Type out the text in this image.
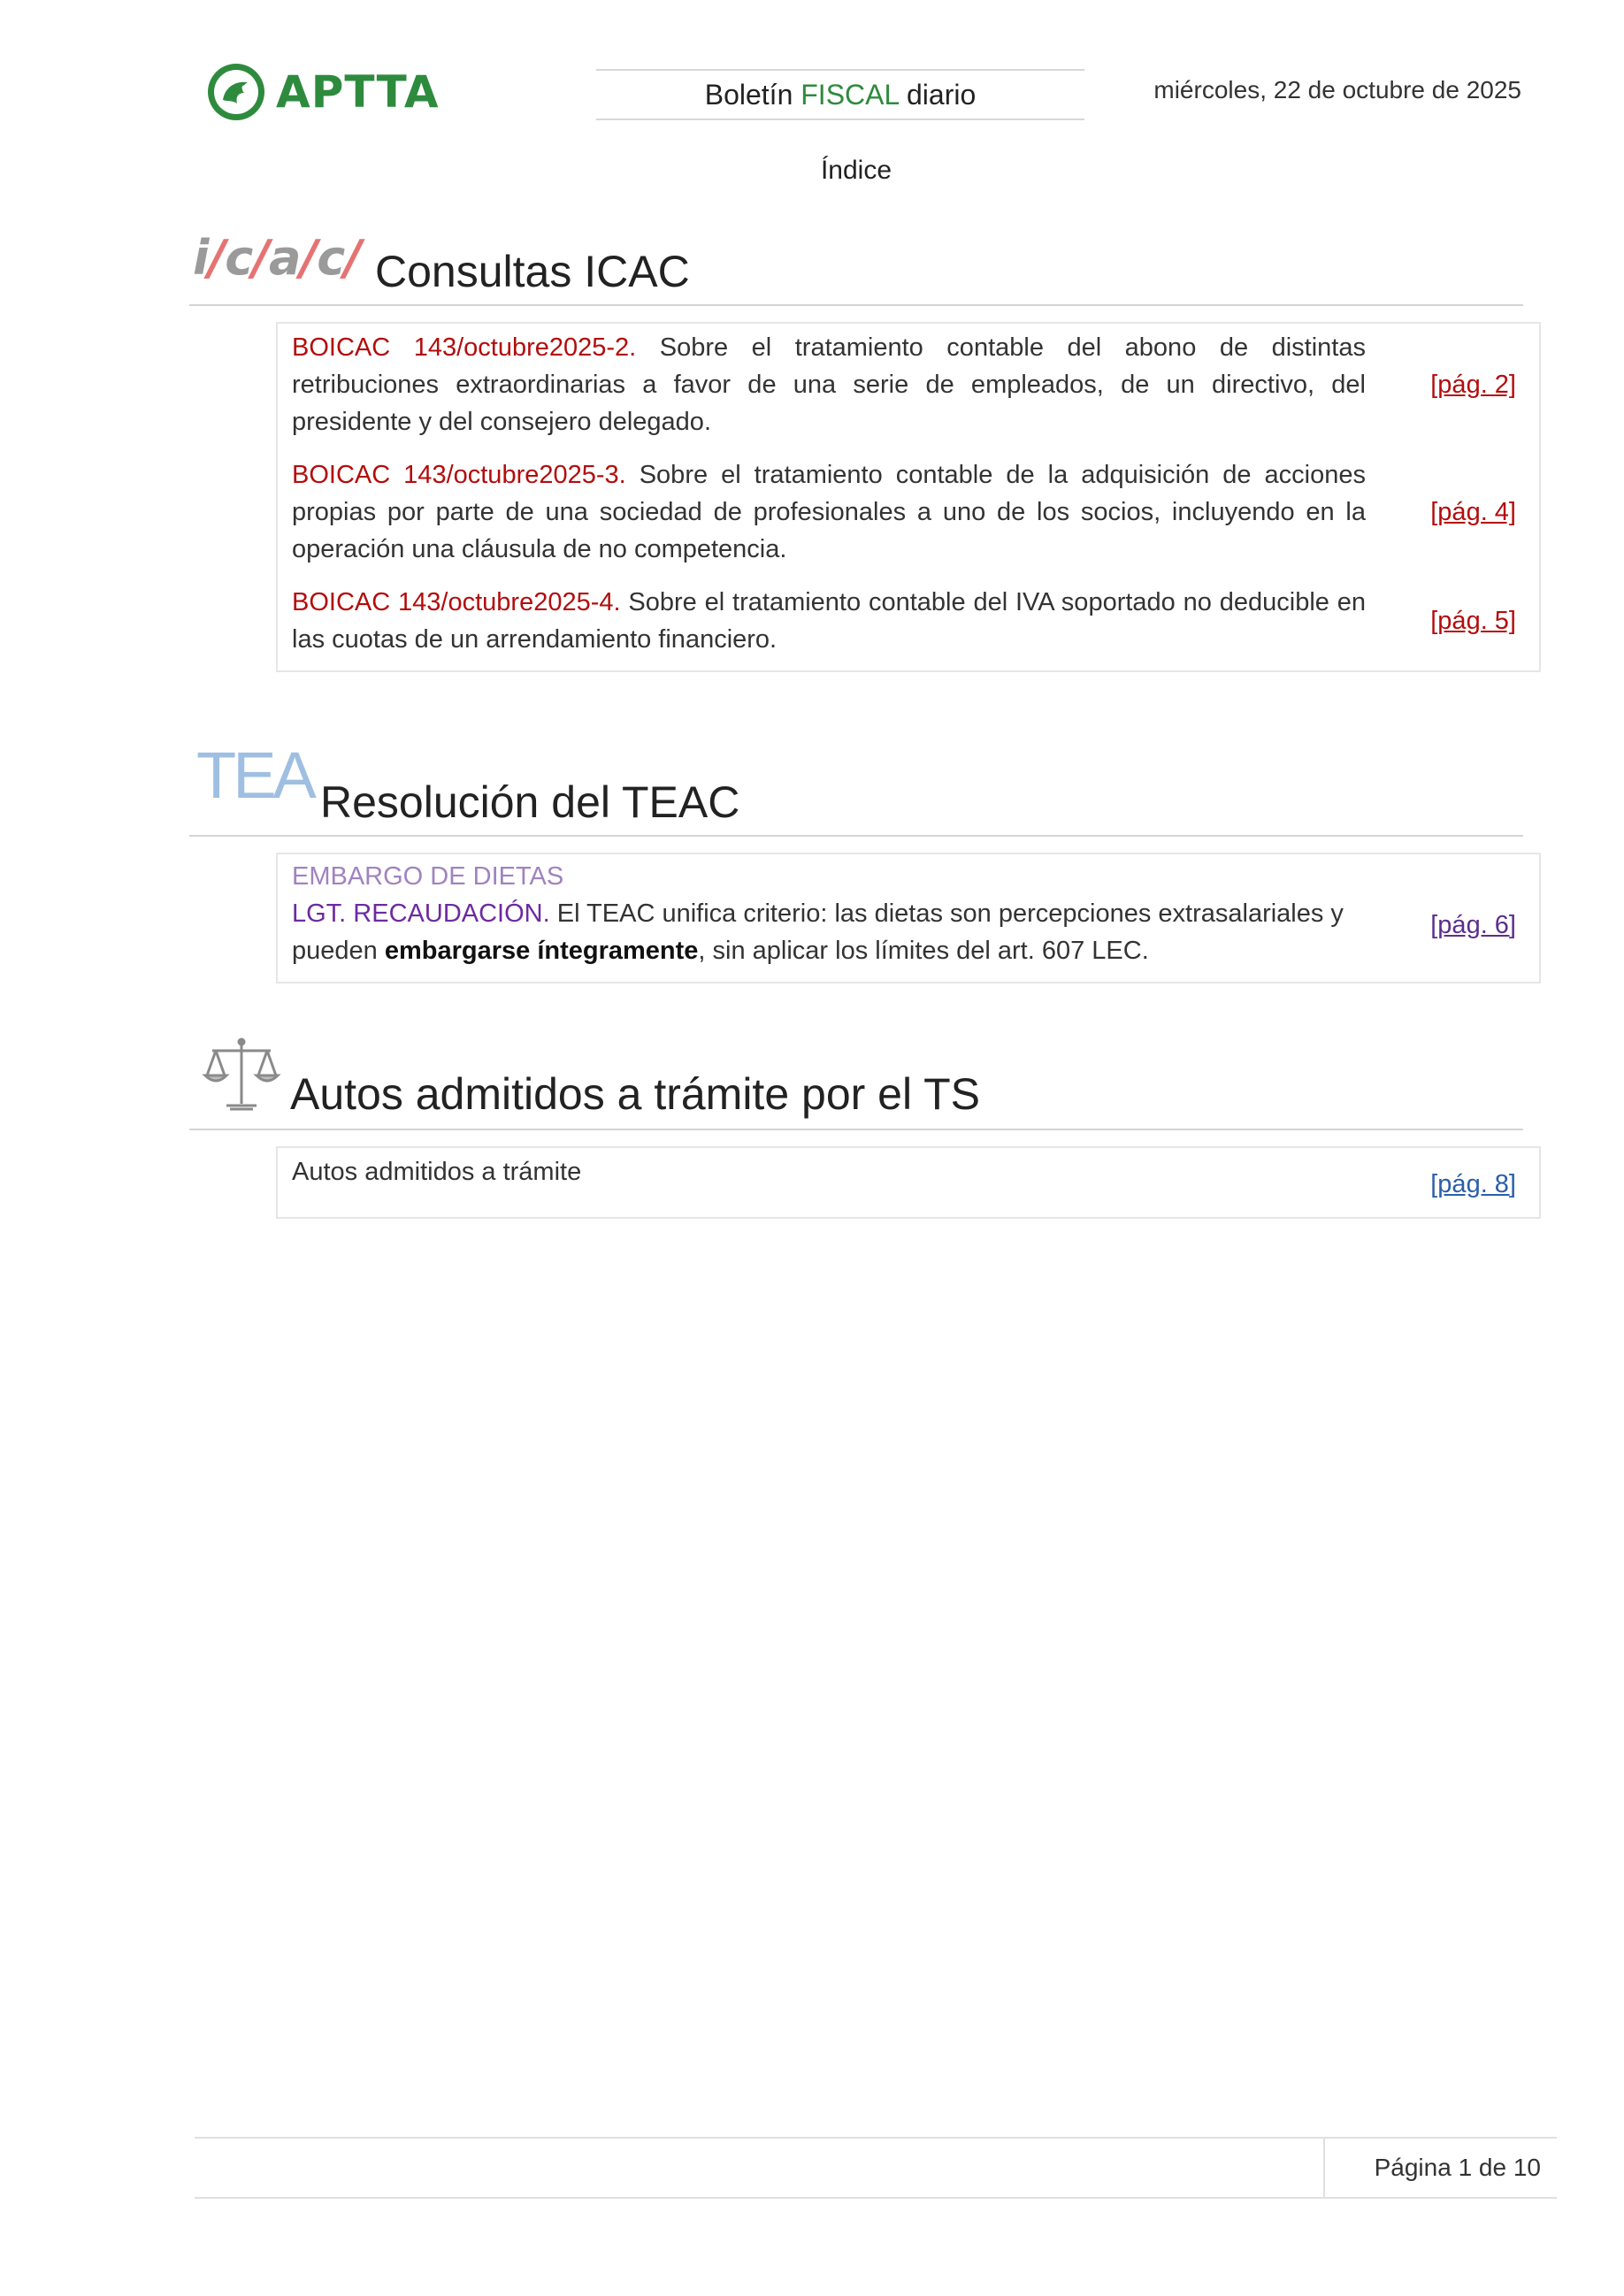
APTTA	Boletín FISCAL diario	miércoles, 22 de octubre de 2025
Índice
i/c/a/c/ Consultas ICAC
BOICAC 143/octubre2025-2. Sobre el tratamiento contable del abono de distintas retribuciones extraordinarias a favor de una serie de empleados, de un directivo, del presidente y del consejero delegado.
[pág. 2]
BOICAC 143/octubre2025-3. Sobre el tratamiento contable de la adquisición de acciones propias por parte de una sociedad de profesionales a uno de los socios, incluyendo en la operación una cláusula de no competencia.
[pág. 4]
BOICAC 143/octubre2025-4. Sobre el tratamiento contable del IVA soportado no deducible en las cuotas de un arrendamiento financiero.
[pág. 5]
TEA Resolución del TEAC
EMBARGO DE DIETAS
LGT. RECAUDACIÓN. El TEAC unifica criterio: las dietas son percepciones extrasalariales y pueden embargarse íntegramente, sin aplicar los límites del art. 607 LEC.
[pág. 6]
Autos admitidos a trámite por el TS
Autos admitidos a trámite	[pág. 8]
Página 1 de 10
